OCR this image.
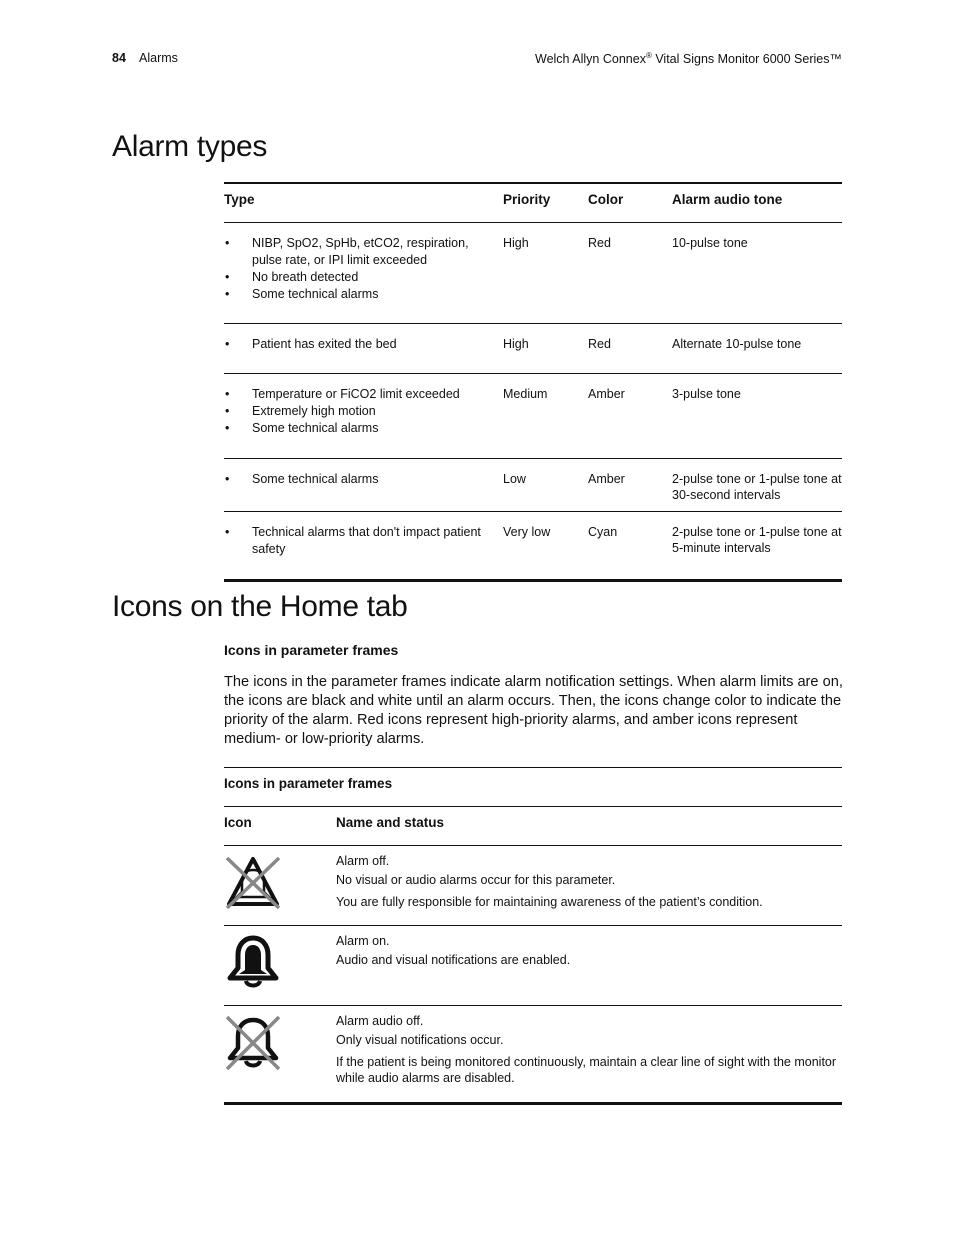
84 Alarms	Welch Allyn Connex® Vital Signs Monitor 6000 Series™
Alarm types
Type	Priority	Color	Alarm audio tone
• NIBP, SpO2, SpHb, etCO2, respiration, pulse rate, or IPI limit exceeded
• No breath detected
• Some technical alarms
High	Red	10-pulse tone
• Patient has exited the bed	High	Red	Alternate 10-pulse tone
• Temperature or FiCO2 limit exceeded
• Extremely high motion
• Some technical alarms
Medium	Amber	3-pulse tone
• Some technical alarms	Low	Amber	2-pulse tone or 1-pulse tone at 30-second intervals
• Technical alarms that don't impact patient safety
Very low	Cyan	2-pulse tone or 1-pulse tone at 5-minute intervals
Icons on the Home tab
Icons in parameter frames

The icons in the parameter frames indicate alarm notification settings. When alarm limits are on, the icons are black and white until an alarm occurs. Then, the icons change color to indicate the priority of the alarm. Red icons represent high-priority alarms, and amber icons represent medium- or low-priority alarms.

Icons in parameter frames
Icon	Name and status

Alarm off.

No visual or audio alarms occur for this parameter.

You are fully responsible for maintaining awareness of the patient’s condition.

Alarm on.

Audio and visual notifications are enabled.

Alarm audio off.

Only visual notifications occur.

If the patient is being monitored continuously, maintain a clear line of sight with the monitor while audio alarms are disabled.
